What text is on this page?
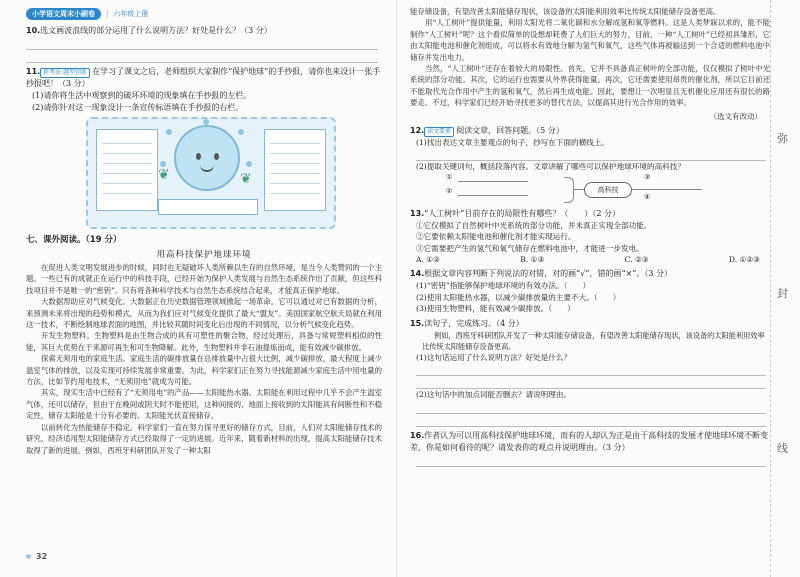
小学语文周末小刷卷	| 六年级上册
10.选文画波浪线的部分运用了什么说明方法？好处是什么？（3 分）
11. 新考法·题型创新 在学习了课文之后，老师组织大家制作“保护地球”的手抄报，请你也来设计一张手抄报吧！（3 分）
(1)请你将生活中观察到的破坏环境的现象填在手抄报的左栏。
(2)请你针对这一现象设计一条宣传标语填在手抄报的右栏。
❦	❦
七、课外阅读。（19 分）
用高科技保护地球环境

在促进人类文明发展进步的时候，同时也无疑破坏人类所赖以生存的自然环境，是当今人类赞同的一个主题。一些已有的成就正在运行中的科技手段，已经开始为保护人类发展与自然生态系统作出了贡献，但这些科技项目并不是唯一的“密钥”。只有将各种科学技术与自然生态系统结合起来，才能真正保护地球。

大数据帮助应对气候变化。大数据正在历史数据管理领域掀起一场革命。它可以通过对已有数据的分析，来预测未来将出现的趋势和模式，从而为我们应对气候变化提供了最大“盟友”。美国国家航空航天局就在利用这一技术，不断绘制地球表面的地图，并比较其随时间变化后出现的不同情况，以分析气候变化趋势。

开发生物塑料。生物塑料是由生物合成的具有可塑性的聚合物，经过处理后，具备与常规塑料相似的性能，其巨大优势在于来源可再生和可生物降解。此外，生物塑料并非石油提炼而成，能有效减少碳排放。

探索无须用电的家庭生活。家庭生活的碳排放量在总排放量中占很大比例，减少碳排放，最大程度上减少温室气体的排放，以及实现可持续发展非常重要。为此，科学家们正在努力寻找能源减少家庭生活中用电量的方法，比如节约用电技术，“无须用电”就成为可能。

其实，现实生活中已经有了“无须用电”的产品——太阳能热水器。太阳能在利用过程中几乎不会产生温室气体，还可以储存，但由于在晚间或阴天时不能使用，这种间接的、地面上接收到的太阳能具有间断性和不稳定性，储存太阳能是十分有必要的。太阳能光伏直接储存。

以前转化为热能储存不稳定。科学家们一直在努力探寻更好的储存方式，目前，人们对太阳能储存技术的研究，经济适用型太阳能储存方式已经取得了一定的进展。近年来，随着新材料的出现，提高太阳能储存技术取得了新的进展。例如，西班牙科研团队开发了一种太阳

32

能存储设备，有望改善太阳能储存现状，该设备的太阳能利用效率比传统太阳能储存设备更高。

用“人工树叶”提供能量，利用太阳光将二氧化碳和水分解成氢和氧等燃料。这是人类梦寐以求的，能不能制作“人工树叶”呢？这个看似简单的设想却耗费了人们巨大的努力，目前，一种“人工树叶”已经初具雏形，它由太阳能电池和催化剂组成，可以将水有效地分解为氢气和氧气，这些气体再被输送到一个合适的燃料电池中储存并发出电力。

当然，“人工树叶”还存在着较大的局限性。首先，它并不具备真正树叶的全部功能，仅仅模拟了树叶中光系统的部分功能。其次，它的运行也需要从外界获得能量。再次，它还需要使用昂贵的催化剂，所以它目前还不能取代光合作用中产生的氢和氧气，然后再生成电能。因此，要想让一次明显且无机催化应用还有很长的路要走。不过，科学家们已经开始寻找更多的替代方法，以提高其进行光合作用的效率。

（选文有改动）
12. 读文要素 阅读文章，回答问题。（5 分）
(1)找出表达文章主要观点的句子，抄写在下面的横线上。
(2)提取关键词句，概括段落内容。文章讲解了哪些可以保护地球环境的高科技？
①
②	高科技
③
④
13.“人工树叶”目前存在的局限性有哪些？（　　）（2 分）
①它仅模拟了自然树叶中光系统的部分功能，并未真正实现全部功能。
②它要依赖太阳能电池和催化剂才能实现运行。
③它需要把产生的氢气和氧气储存在燃料电池中，才能进一步发电。
A. ①②	B. ①③	C. ②③	D. ①②③
14.根据文章内容判断下列说法的对错，对的画“√”，错的画“×”。（3 分）
(1)“密钥”指能够保护地球环境的有效办法。（　　）
(2)使用太阳能热水器，以减少碳排放量的主要不大。（　　）
(3)使用生物塑料，能有效减少碳排放。（　　）
15.读句子，完成练习。（4 分）
例如，西班牙科研团队开发了一种太阳能存储设备，有望改善太阳能储存现状，该设备的太阳能利用效率比传统太阳能储存设备更高。
(1)这句话运用了什么说明方法？好处是什么？
(2)这句话中的加点词能否删去？请说明理由。
16.作者认为可以用高科技保护地球环境，而有的人却认为正是由于高科技的发展才使地球环境不断变差，你是如何看待的呢？请发表你的观点并说明理由。（3 分）
弥
封
线
